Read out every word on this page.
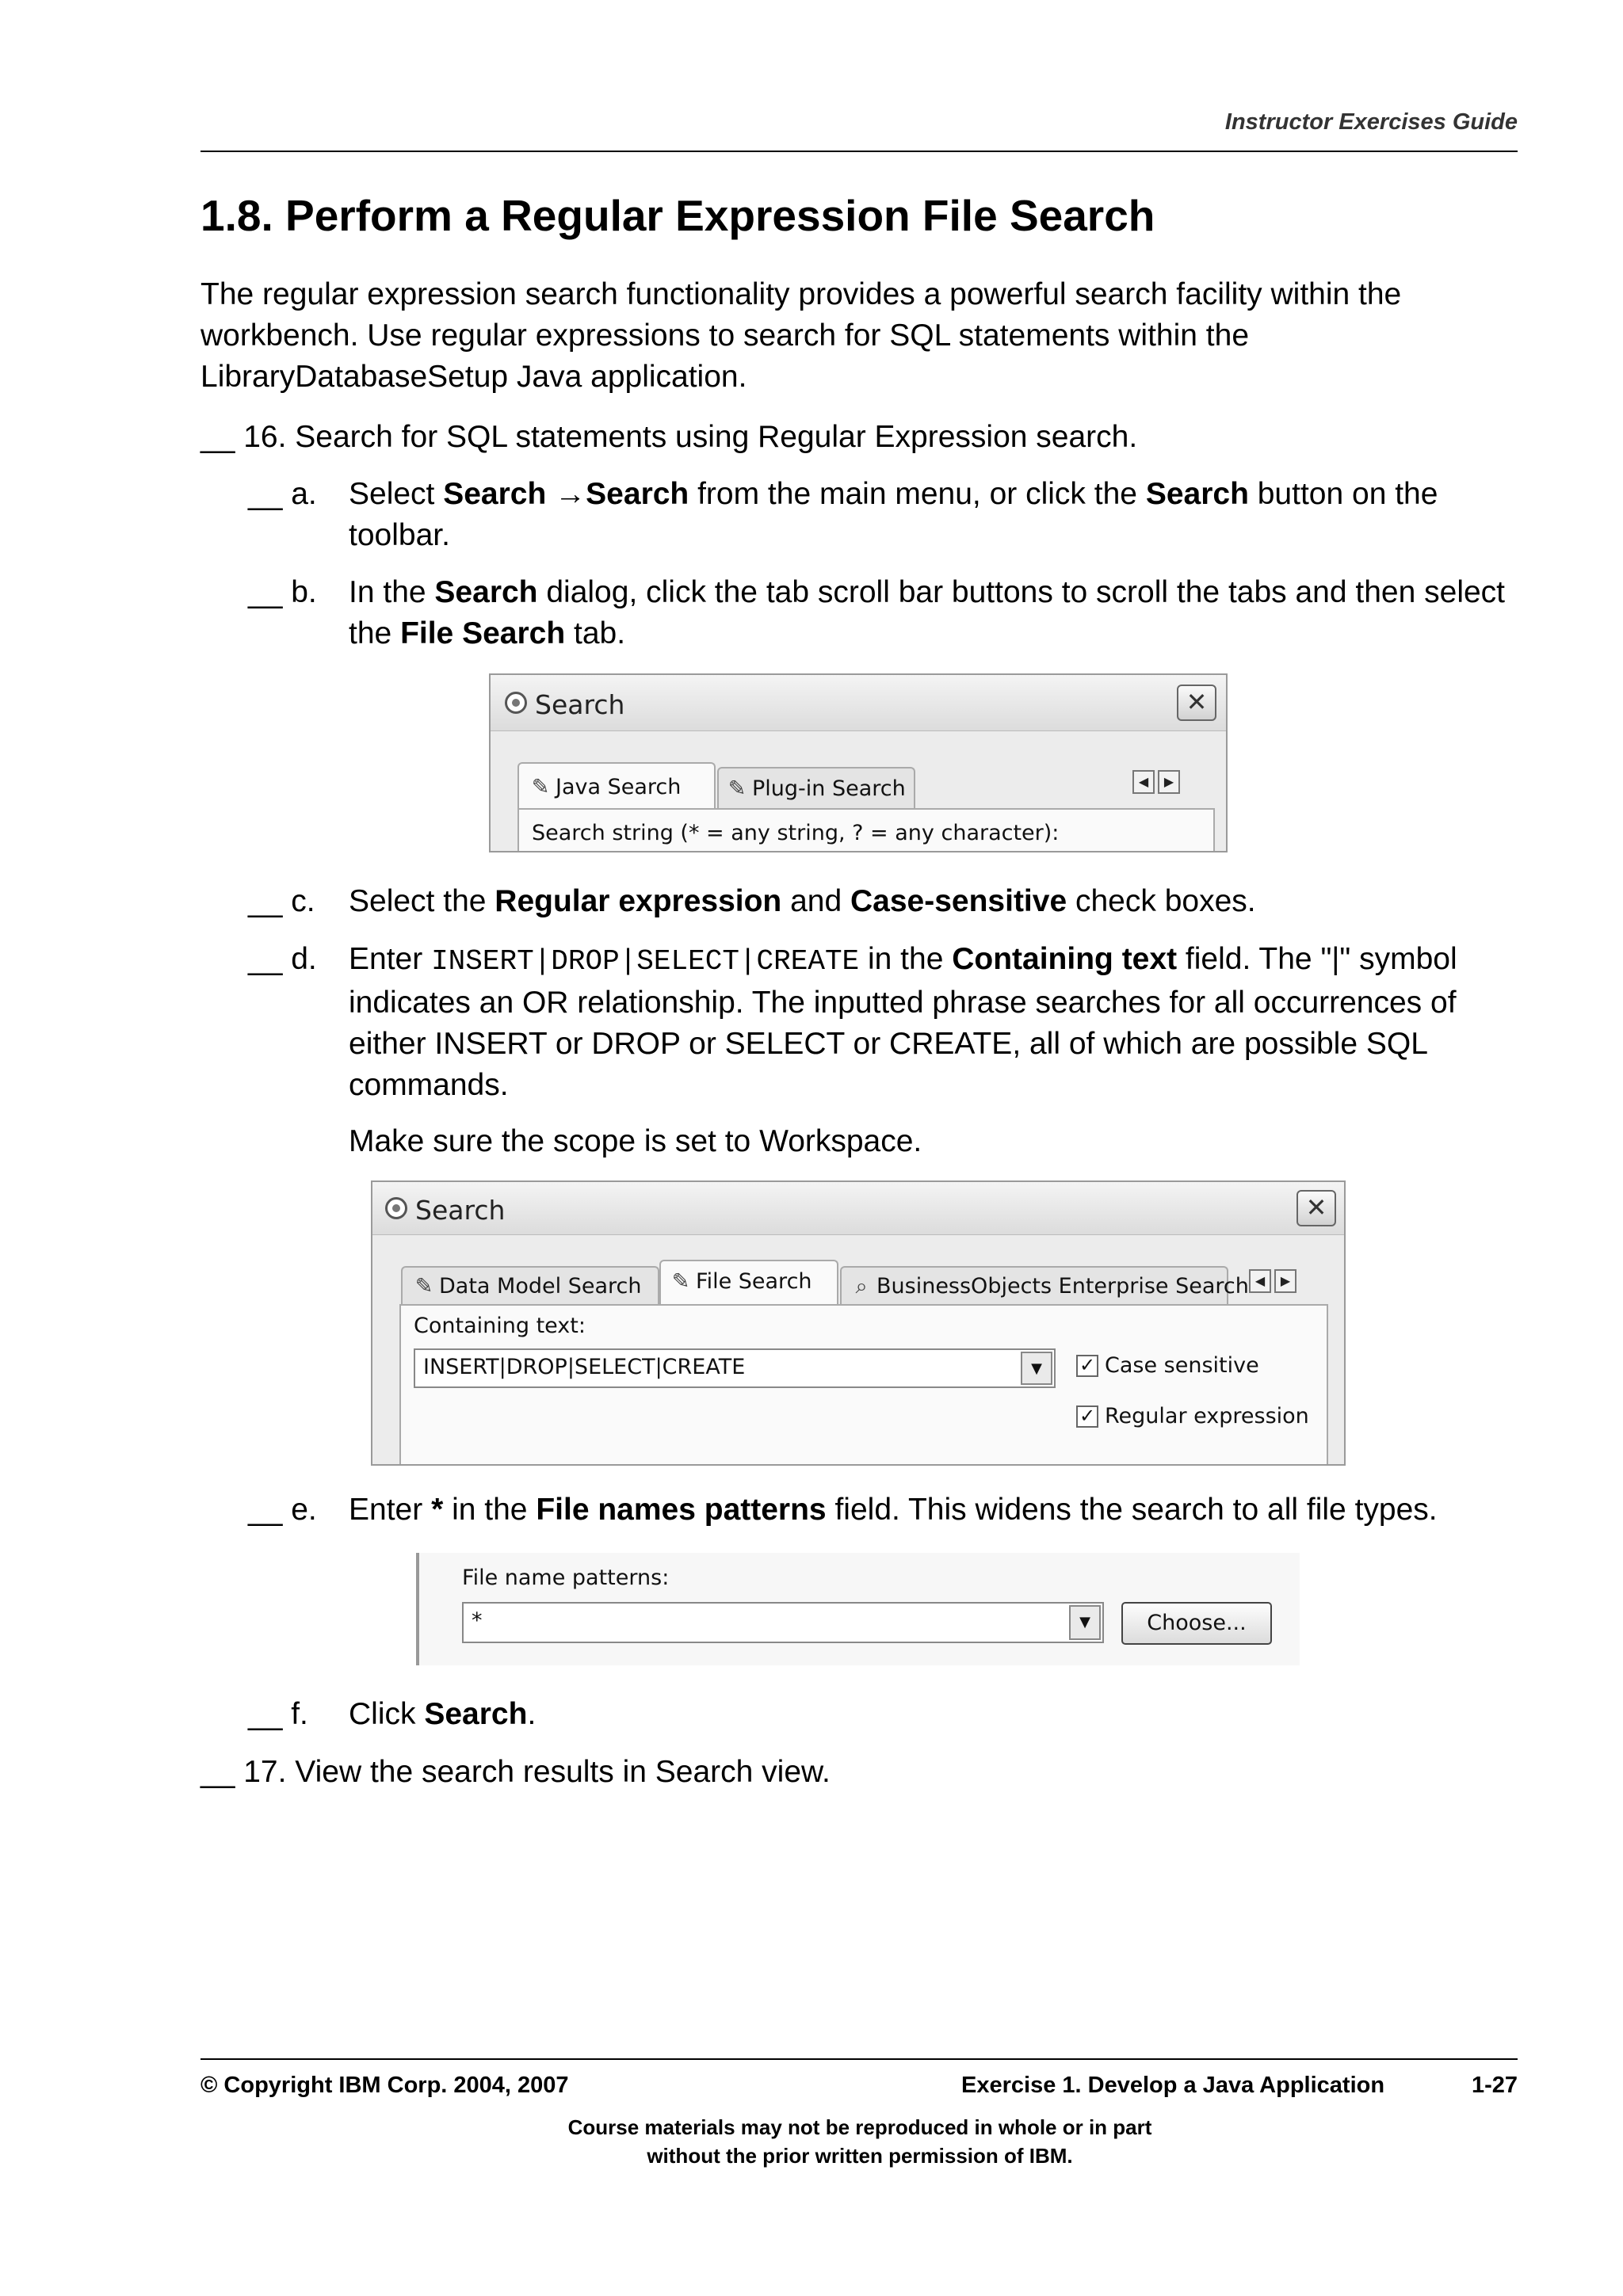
Instructor Exercises Guide
1.8. Perform a Regular Expression File Search
The regular expression search functionality provides a powerful search facility within the workbench. Use regular expressions to search for SQL statements within the LibraryDatabaseSetup Java application.
__ 16. Search for SQL statements using Regular Expression search.
__ a. Select Search →Search from the main menu, or click the Search button on the toolbar.
__ b. In the Search dialog, click the tab scroll bar buttons to scroll the tabs and then select the File Search tab.
Search	✕
✎ Java Search	✎ Plug-in Search	◀	▶
Search string (* = any string, ? = any character):
__ c. Select the Regular expression and Case-sensitive check boxes.
__ d. Enter INSERT|DROP|SELECT|CREATE in the Containing text field. The "|" symbol indicates an OR relationship. The inputted phrase searches for all occurrences of either INSERT or DROP or SELECT or CREATE, all of which are possible SQL commands.
Make sure the scope is set to Workspace.
Search	✕
✎ Data Model Search	✎ File Search	⌕ BusinessObjects Enterprise Search ◀	▶
Containing text:
INSERT|DROP|SELECT|CREATE	▼	✓ Case sensitive
✓ Regular expression
__ e. Enter * in the File names patterns field. This widens the search to all file types.
File name patterns:
*	▼	Choose...
__ f. Click Search.
__ 17. View the search results in Search view.
© Copyright IBM Corp. 2004, 2007	Exercise 1. Develop a Java Application	1-27
Course materials may not be reproduced in whole or in part
without the prior written permission of IBM.
